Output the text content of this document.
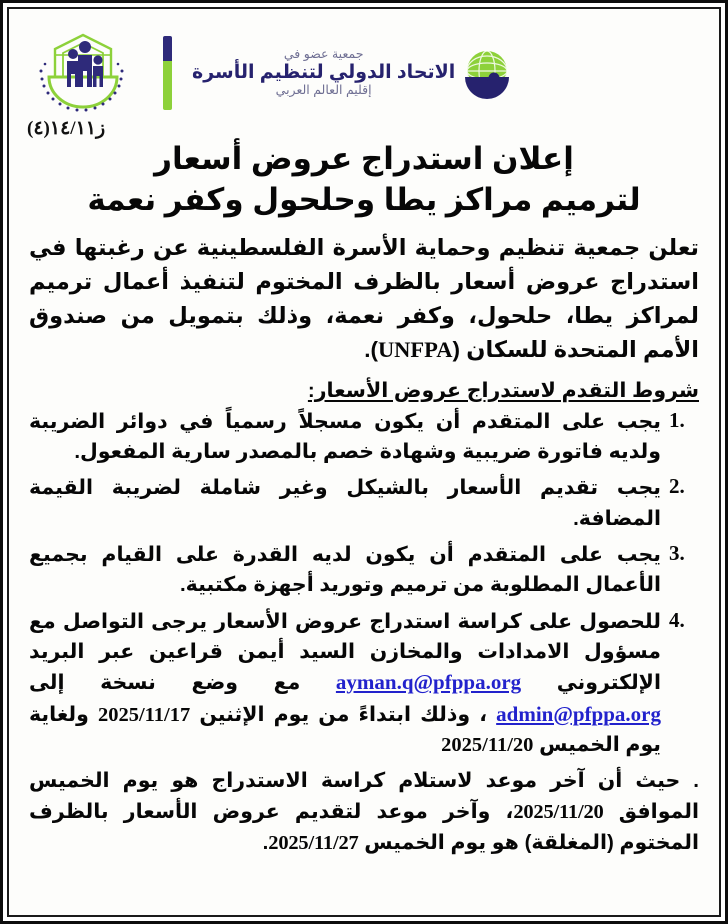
جمعية عضو في
الاتحاد الدولي لتنظيم الأسرة
إقليم العالم العربي
ز١٤/١١(٤)
إعلان استدراج عروض أسعار
لترميم مراكز يطا وحلحول وكفر نعمة

تعلن جمعية تنظيم وحماية الأسرة الفلسطينية عن رغبتها في استدراج عروض أسعار بالظرف المختوم لتنفيذ أعمال ترميم لمراكز يطا، حلحول، وكفر نعمة، وذلك بتمويل من صندوق الأمم المتحدة للسكان (UNFPA).

شروط التقدم لاستدراج عروض الأسعار:
1.
يجب على المتقدم أن يكون مسجلاً رسمياً في دوائر الضريبة ولديه فاتورة ضريبية وشهادة خصم بالمصدر سارية المفعول.
2.
يجب تقديم الأسعار بالشيكل وغير شاملة لضريبة القيمة المضافة.
3.
يجب على المتقدم أن يكون لديه القدرة على القيام بجميع الأعمال المطلوبة من ترميم وتوريد أجهزة مكتبية.
4.
للحصول على كراسة استدراج عروض الأسعار يرجى التواصل مع مسؤول الامدادات والمخازن السيد أيمن قراعين عبر البريد الإلكتروني ayman.q@pfppa.org مع وضع نسخة إلى admin@pfppa.org ، وذلك ابتداءً من يوم الإثنين 2025/11/17 ولغاية يوم الخميس 2025/11/20

. حيث أن آخر موعد لاستلام كراسة الاستدراج هو يوم الخميس الموافق 2025/11/20، وآخر موعد لتقديم عروض الأسعار بالظرف المختوم (المغلقة) هو يوم الخميس 2025/11/27.
